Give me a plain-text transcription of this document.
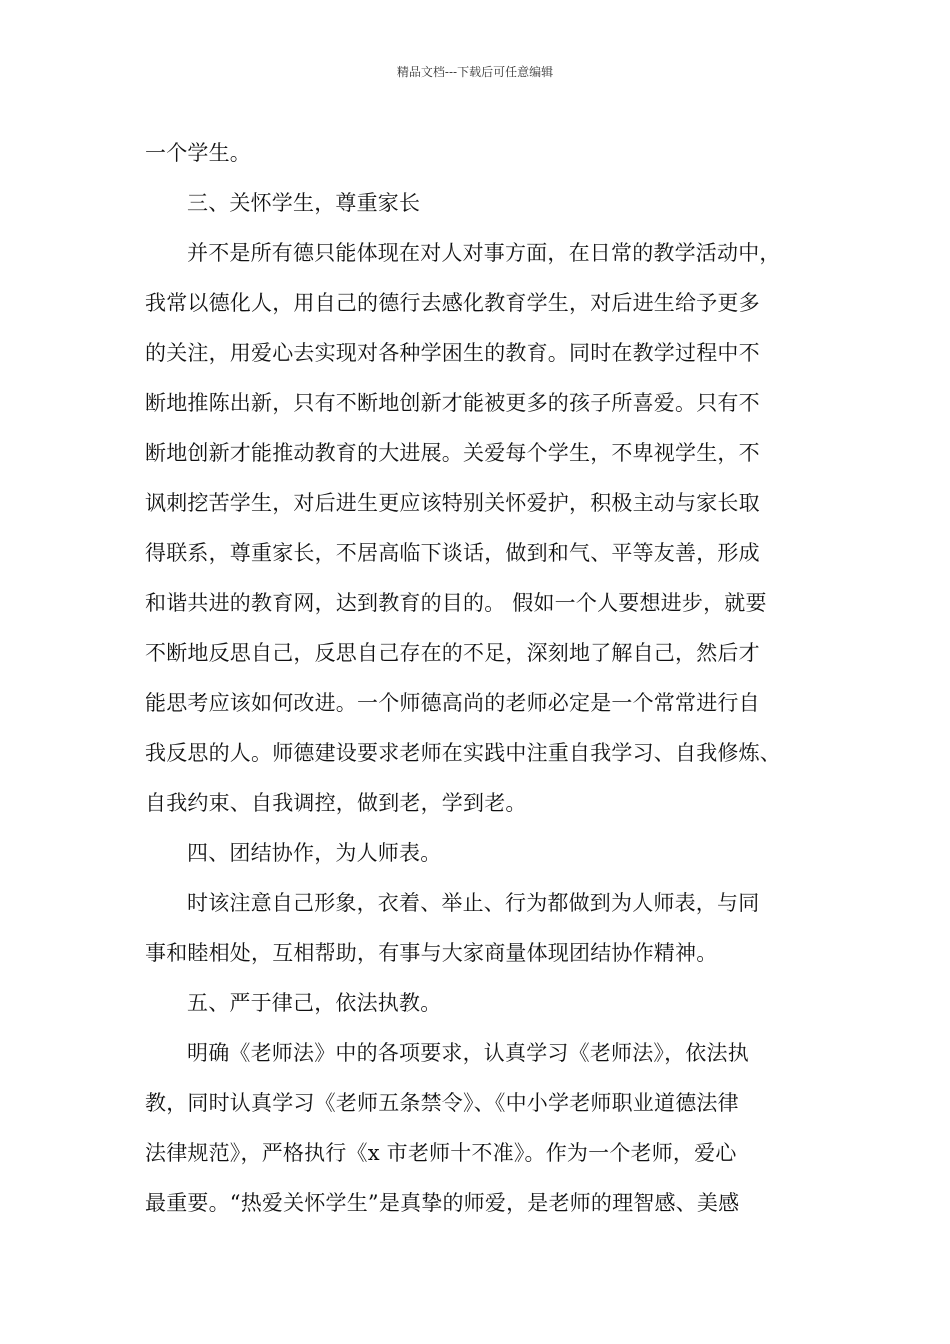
精品文档---下载后可任意编辑
一个学生。
三、关怀学生，尊重家长
并不是所有德只能体现在对人对事方面，在日常的教学活动中，
我常以德化人，用自己的德行去感化教育学生，对后进生给予更多
的关注，用爱心去实现对各种学困生的教育。同时在教学过程中不
断地推陈出新，只有不断地创新才能被更多的孩子所喜爱。只有不
断地创新才能推动教育的大进展。关爱每个学生，不卑视学生，不
讽刺挖苦学生，对后进生更应该特别关怀爱护，积极主动与家长取
得联系，尊重家长，不居高临下谈话，做到和气、平等友善，形成
和谐共进的教育网，达到教育的目的。 假如一个人要想进步，就要
不断地反思自己，反思自己存在的不足，深刻地了解自己，然后才
能思考应该如何改进。一个师德高尚的老师必定是一个常常进行自
我反思的人。师德建设要求老师在实践中注重自我学习、自我修炼、
自我约束、自我调控，做到老，学到老。
四、团结协作，为人师表。
时该注意自己形象，衣着、举止、行为都做到为人师表，与同
事和睦相处，互相帮助，有事与大家商量体现团结协作精神。
五、严于律己，依法执教。
明确《老师法》中的各项要求，认真学习《老师法》，依法执
教，同时认真学习《老师五条禁令》、《中小学老师职业道德法律
法律规范》，严格执行《x 市老师十不准》。作为一个老师，爱心
最重要。“热爱关怀学生”是真挚的师爱，是老师的理智感、美感
